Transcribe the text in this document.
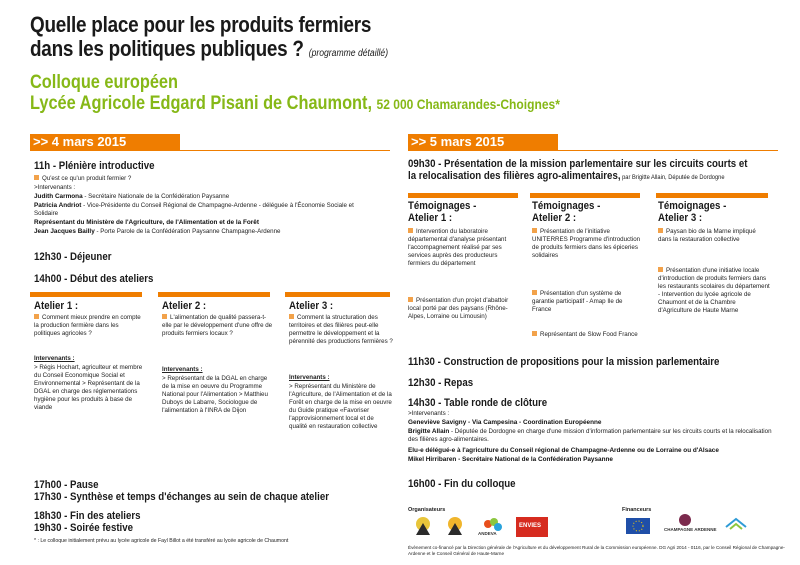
Quelle place pour les produits fermiers
dans les politiques publiques ? (programme détaillé)
Colloque européen
Lycée Agricole Edgard Pisani de Chaumont, 52 000 Chamarandes-Choignes*
>> 4 mars 2015
11h - Plénière introductive
Qu'est ce qu'un produit fermier ?
>Intervenants :
Judith Carmona - Secrétaire Nationale de la Confédération Paysanne
Patricia Andriot - Vice-Présidente du Conseil Régional de Champagne-Ardenne - déléguée à l'Économie Sociale et Solidaire
Représentant du Ministère de l'Agriculture, de l'Alimentation et de la Forêt
Jean Jacques Bailly - Porte Parole de la Confédération Paysanne Champagne-Ardenne
12h30 - Déjeuner
14h00 - Début des ateliers
Atelier 1 :
Comment mieux prendre en compte la production fermière dans les politiques agricoles ?
Intervenants :
> Régis Hochart, agriculteur et membre du Conseil Economique Social et Environnemental > Représentant de la DGAL en charge des réglementations hygiène pour les produits à base de viande
Atelier 2 :
L'alimentation de qualité passera-t-elle par le développement d'une offre de produits fermiers locaux ?
Intervenants :
> Représentant de la DGAL en charge de la mise en oeuvre du Programme National pour l'Alimentation > Matthieu Duboys de Labarre, Sociologue de l'alimentation à l'INRA de Dijon
Atelier 3 :
Comment la structuration des territoires et des filières peut-elle permettre le développement et la pérennité des productions fermières ?
Intervenants :
> Représentant du Ministère de l'Agriculture, de l'Alimentation et de la Forêt en charge de la mise en oeuvre du Guide pratique «Favoriser l'approvisionnement local et de qualité en restauration collective
17h00 - Pause
17h30 - Synthèse et temps d'échanges au sein de chaque atelier
18h30 - Fin des ateliers
19h30 - Soirée festive
* : Le colloque initialement prévu au lycée agricole de Fayl Billot a été transféré au lycée agricole de Chaumont
>> 5 mars 2015
09h30 - Présentation de la mission parlementaire sur les circuits courts et
la relocalisation des filières agro-alimentaires, par Brigitte Allain, Députée de Dordogne
Témoignages - Atelier 1 :
Intervention du laboratoire départemental d'analyse présentant l'accompagnement réalisé par ses services auprès des producteurs fermiers du département
Présentation d'un projet d'abattoir local porté par des paysans (Rhône-Alpes, Lorraine ou Limousin)
Témoignages - Atelier 2 :
Présentation de l'initiative UNITERRES Programme d'introduction de produits fermiers dans les épiceries solidaires
Présentation d'un système de garantie participatif - Amap Ile de France
Représentant de Slow Food France
Témoignages - Atelier 3 :
Paysan bio de la Marne impliqué dans la restauration collective
Présentation d'une initiative locale d'introduction de produits fermiers dans les restaurants scolaires du département - Intervention du lycée agricole de Chaumont et de la Chambre d'Agriculture de Haute Marne
11h30 - Construction de propositions pour la mission parlementaire
12h30 - Repas
14h30 - Table ronde de clôture
>Intervenants :
Geneviève Savigny - Via Campesina - Coordination Européenne
Brigitte Allain - Députée de Dordogne en charge d'une mission d'information parlementaire sur les circuits courts et la relocalisation des filières agro-alimentaires.
Elu-e délégué-e à l'agriculture du Conseil régional de Champagne-Ardenne ou de Lorraine ou d'Alsace
Mikel Hirribaren - Secrétaire National de la Confédération Paysanne
16h00 - Fin du colloque
Organisateurs	Financeurs
ANDEVA
ENVIES
CHAMPAGNE ARDENNE
Évènement co-financé par la Direction générale de l'Agriculture et du développement Rural de la Commission européenne. DG Agri 2014 - 0116, par le Conseil Régional de Champagne-Ardenne et le Conseil Général de Haute-Marne
